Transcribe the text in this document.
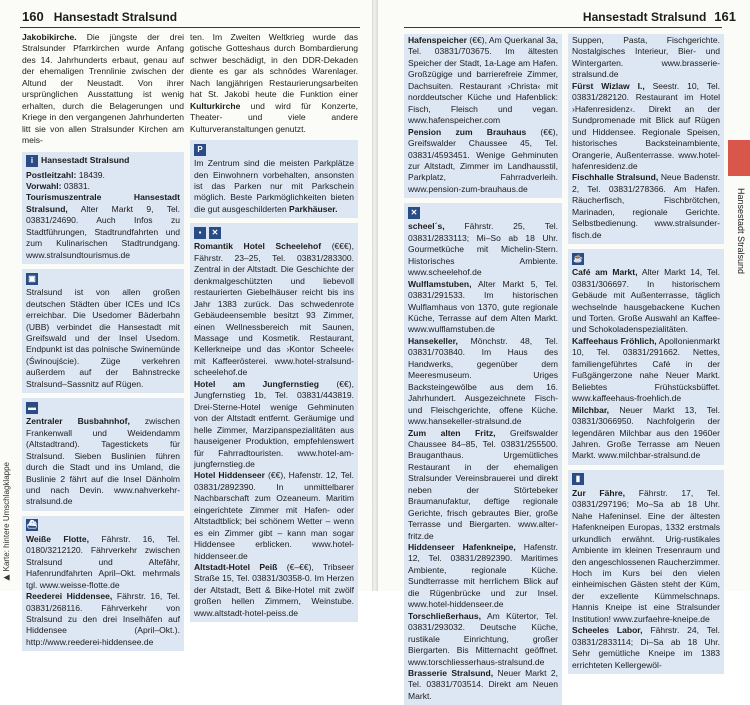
160 Hansestadt Stralsund

Jakobikirche. Die jüngste der drei Stralsunder Pfarrkirchen wurde Anfang des 14. Jahrhunderts erbaut, genau auf der ehemaligen Trennlinie zwischen der Altund der Neustadt. Von ihrer ursprünglichen Ausstattung ist wenig erhalten, durch die Belagerungen und Kriege in den vergangenen Jahrhunderten litt sie von allen Stralsunder Kirchen am meis-

i Hansestadt Stralsund

Postleitzahl: 18439.

Vorwahl: 03831.

Tourismuszentrale Hansestadt Stralsund, Alter Markt 9, Tel. 03831/24690. Auch Infos zu Stadtführungen, Stadtrundfahrten und zum Kulinarischen Stadtrundgang. www.stralsundtourismus.de

▣

Stralsund ist von allen großen deutschen Städten über ICEs und ICs erreichbar. Die Usedomer Bäderbahn (UBB) verbindet die Hansestadt mit Greifswald und der Insel Usedom. Endpunkt ist das polnische Swinemünde (Świnoujście). Züge verkehren außerdem auf der Bahnstrecke Stralsund–Sassnitz auf Rügen.

▬

Zentraler Busbahnhof, zwischen Frankenwall und Weidendamm (Altstadtrand). Tagestickets für Stralsund. Sieben Buslinien führen durch die Stadt und ins Umland, die Buslinie 2 fährt auf die Insel Dänholm und nach Devin. www.nahverkehr-stralsund.de

⛴

Weiße Flotte, Fährstr. 16, Tel. 0180/3212120. Fährverkehr zwischen Stralsund und Altefähr, Hafenrundfahrten April–Okt. mehrmals tgl. www.weisse-flotte.de

Reederei Hiddensee, Fährstr. 16, Tel. 03831/268116. Fährverkehr von Stralsund zu den drei Inselhäfen auf Hiddensee (April–Okt.). http://www.reederei-hiddensee.de

ten. Im Zweiten Weltkrieg wurde das gotische Gotteshaus durch Bombardierung schwer beschädigt, in den DDR-Dekaden diente es gar als schnödes Warenlager. Nach langjährigen Restaurierungsarbeiten hat St. Jakobi heute die Funktion einer Kulturkirche und wird für Konzerte, Theater- und viele andere Kulturveranstaltungen genutzt.

P

Im Zentrum sind die meisten Parkplätze den Einwohnern vorbehalten, ansonsten ist das Parken nur mit Parkschein möglich. Beste Parkmöglichkeiten bieten die gut ausgeschilderten Parkhäuser.

▪	✕

Romantik Hotel Scheelehof (€€€), Fährstr. 23–25, Tel. 03831/283300. Zentral in der Altstadt. Die Geschichte der denkmalgeschützten und liebevoll restaurierten Giebelhäuser reicht bis ins Jahr 1383 zurück. Das schwedenrote Gebäudeensemble besitzt 93 Zimmer, einen Wellnessbereich mit Saunen, Massage und Kosmetik. Restaurant, Kellerkneipe und das ›Kontor Scheele‹ mit Kaffeerösterei. www.hotel-stralsund-scheelehof.de

Hotel am Jungfernstieg (€€), Jungfernstieg 1b, Tel. 03831/443819. Drei-Sterne-Hotel wenige Gehminuten von der Altstadt entfernt. Geräumige und helle Zimmer, Marzipanspezialitäten aus hauseigener Produktion, empfehlenswert für Fahrradtouristen. www.hotel-am-jungfernstieg.de

Hotel Hiddenseer (€€), Hafenstr. 12, Tel. 03831/2892390. In unmittelbarer Nachbarschaft zum Ozeaneum. Maritim eingerichtete Zimmer mit Hafen- oder Altstadtblick; bei schönem Wetter – wenn es ein Zimmer gibt – kann man sogar Hiddensee erblicken. www.hotel-hiddenseer.de

Altstadt-Hotel Peiß (€–€€), Tribseer Straße 15, Tel. 03831/30358-0. Im Herzen der Altstadt, Bett & Bike-Hotel mit zwölf großen hellen Zimmern, Weinstube. www.altstadt-hotel-peiss.de

▶ Karte: hintere Umschlagklappe
Hansestadt Stralsund 161

Hafenspeicher (€€), Am Querkanal 3a, Tel. 03831/703675. Im ältesten Speicher der Stadt, 1a-Lage am Hafen. Großzügige und barrierefreie Zimmer, Dachsuiten. Restaurant ›Christa‹ mit norddeutscher Küche und Hafenblick: Fisch, Fleisch und vegan. www.hafenspeicher.com

Pension zum Brauhaus (€€), Greifswalder Chaussee 45, Tel. 03831/4593451. Wenige Gehminuten zur Altstadt, Zimmer im Landhausstil, Parkplatz, Fahrradverleih. www.pension-zum-brauhaus.de

✕

scheel´s, Fährstr. 25, Tel. 03831/2833113; Mi–So ab 18 Uhr. Gourmetküche mit Michelin-Stern. Historisches Ambiente. www.scheelehof.de

Wulflamstuben, Alter Markt 5, Tel. 03831/291533. Im historischen Wulflamhaus von 1370, gute regionale Küche, Terrasse auf dem Alten Markt. www.wulflamstuben.de

Hansekeller, Mönchstr. 48, Tel. 03831/703840. Im Haus des Handwerks, gegenüber dem Meeresmuseum. Uriges Backsteingewölbe aus dem 16. Jahrhundert. Ausgezeichnete Fisch- und Fleischgerichte, offene Küche. www.hansekeller-stralsund.de

Zum alten Fritz, Greifswalder Chaussee 84–85, Tel. 03831/255500. Brauganthaus. Urgemütliches Restaurant in der ehemaligen Stralsunder Vereinsbrauerei und direkt neben der Störtebeker Braumanufaktur, deftige regionale Gerichte, frisch gebrautes Bier, große Terrasse und Biergarten. www.alter-fritz.de

Hiddenseer Hafenkneipe, Hafenstr. 12, Tel. 03831/2892390. Maritimes Ambiente, regionale Küche. Sundterrasse mit herrlichem Blick auf die Rügenbrücke und zur Insel. www.hotel-hiddenseer.de

Torschließerhaus, Am Kütertor, Tel. 03831/293032. Deutsche Küche, rustikale Einrichtung, großer Biergarten. Bis Mitternacht geöffnet. www.torschliesserhaus-stralsund.de

Brasserie Stralsund, Neuer Markt 2, Tel. 03831/703514. Direkt am Neuen Markt.

Suppen, Pasta, Fischgerichte. Nostalgisches Interieur, Bier- und Wintergarten. www.brasserie-stralsund.de

Fürst Wizlaw I., Seestr. 10, Tel. 03831/282120. Restaurant im Hotel ›Hafenresidenz‹. Direkt an der Sundpromenade mit Blick auf Rügen und Hiddensee. Regionale Speisen, historisches Backsteinambiente, Orangerie, Außenterrasse. www.hotel-hafenresidenz.de

Fischhalle Stralsund, Neue Badenstr. 2, Tel. 03831/278366. Am Hafen. Räucherfisch, Fischbrötchen, Marinaden, regionale Gerichte. Selbstbedienung. www.stralsunder-fisch.de

☕

Café am Markt, Alter Markt 14, Tel. 03831/306697. In historischem Gebäude mit Außenterrasse, täglich wechselnde hausgebackene Kuchen und Torten. Große Auswahl an Kaffee- und Schokoladenspezialitäten.

Kaffeehaus Fröhlich, Apollonienmarkt 10, Tel. 03831/291662. Nettes, familiengeführtes Café in der Fußgängerzone nahe Neuer Markt. Beliebtes Frühstücksbüffet. www.kaffeehaus-froehlich.de

Milchbar, Neuer Markt 13, Tel. 03831/3066950. Nachfolgerin der legendären Milchbar aus den 1960er Jahren. Große Terrasse am Neuen Markt. www.milchbar-stralsund.de

▮

Zur Fähre, Fährstr. 17, Tel. 03831/297196; Mo–Sa ab 18 Uhr. Nahe Hafeninsel. Eine der ältesten Hafenkneipen Europas, 1332 erstmals urkundlich erwähnt. Urig-rustikales Ambiente im kleinen Tresenraum und den angeschlossenen Raucherzimmer. Hoch im Kurs bei den vielen einheimischen Gästen steht der Küm, der exzellente Kümmelschnaps. Hannis Kneipe ist eine Stralsunder Institution! www.zurfaehre-kneipe.de

Scheeles Labor, Fährstr. 24, Tel. 03831/2833114; Di–Sa ab 18 Uhr. Sehr gemütliche Kneipe im 1383 errichteten Kellergewöl-

Hansestadt Stralsund
